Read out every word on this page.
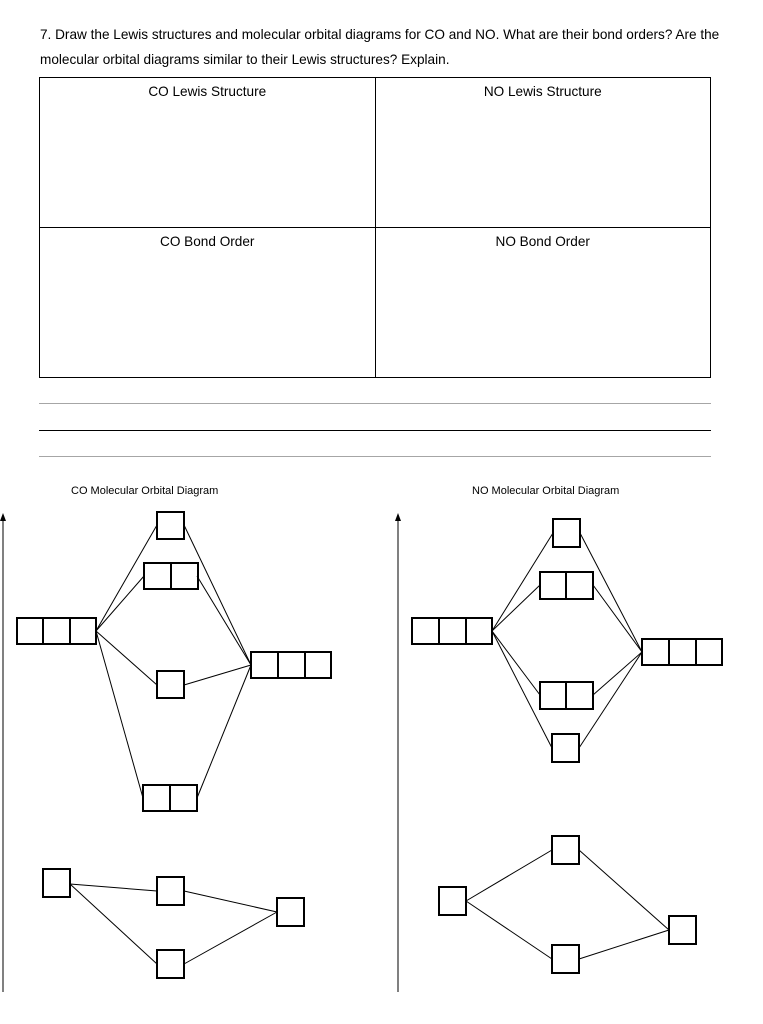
7. Draw the Lewis structures and molecular orbital diagrams for CO and NO. What are their bond orders? Are the molecular orbital diagrams similar to their Lewis structures? Explain.
CO Lewis Structure	NO Lewis Structure
CO Bond Order	NO Bond Order
CO Molecular Orbital Diagram	NO Molecular Orbital Diagram
